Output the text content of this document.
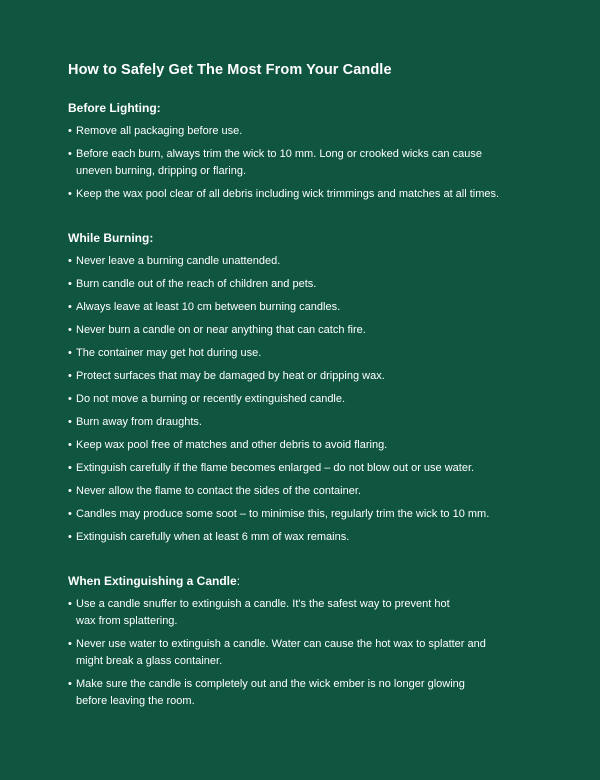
How to Safely Get The Most From Your Candle
Before Lighting:
• Remove all packaging before use.
• Before each burn, always trim the wick to 10 mm. Long or crooked wicks can cause uneven burning, dripping or flaring.
• Keep the wax pool clear of all debris including wick trimmings and matches at all times.
While Burning:
• Never leave a burning candle unattended.
• Burn candle out of the reach of children and pets.
• Always leave at least 10 cm between burning candles.
• Never burn a candle on or near anything that can catch fire.
• The container may get hot during use.
• Protect surfaces that may be damaged by heat or dripping wax.
• Do not move a burning or recently extinguished candle.
• Burn away from draughts.
• Keep wax pool free of matches and other debris to avoid flaring.
• Extinguish carefully if the flame becomes enlarged – do not blow out or use water.
• Never allow the flame to contact the sides of the container.
• Candles may produce some soot – to minimise this, regularly trim the wick to 10 mm.
• Extinguish carefully when at least 6 mm of wax remains.
When Extinguishing a Candle:
• Use a candle snuffer to extinguish a candle. It's the safest way to prevent hot wax from splattering.
• Never use water to extinguish a candle. Water can cause the hot wax to splatter and might break a glass container.
• Make sure the candle is completely out and the wick ember is no longer glowing before leaving the room.
